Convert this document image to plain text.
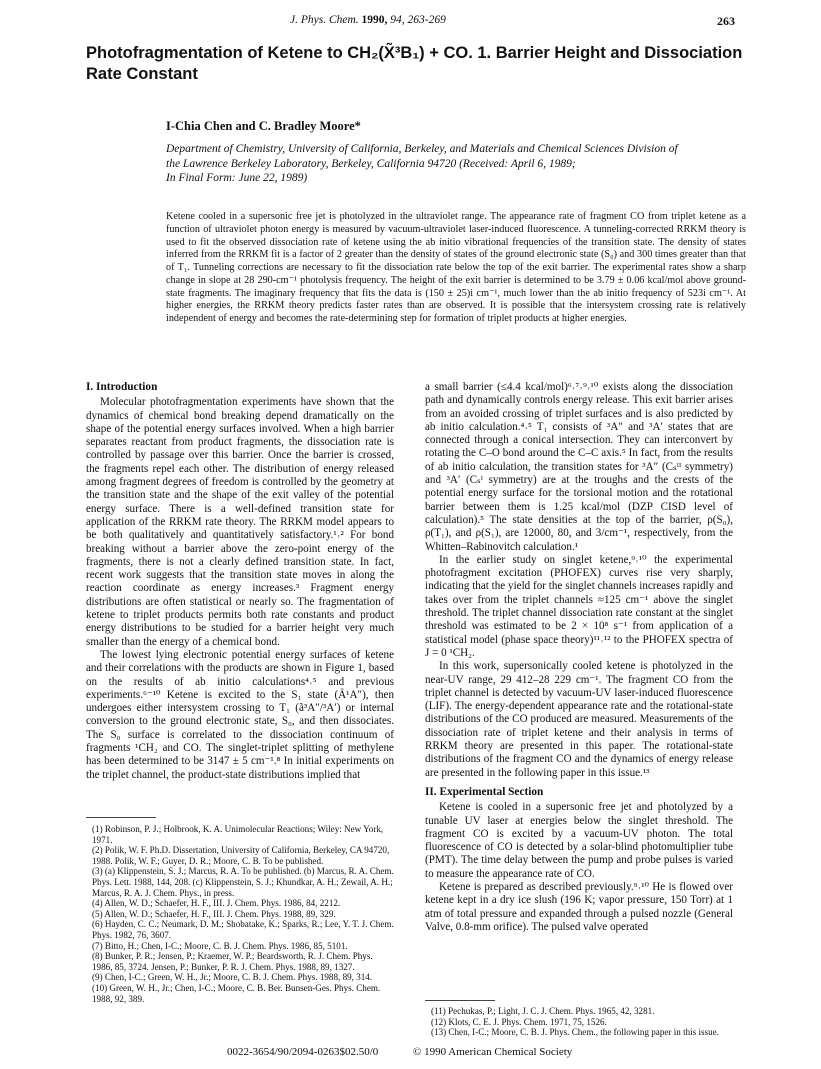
J. Phys. Chem. 1990, 94, 263-269	263
Photofragmentation of Ketene to CH₂(X̃³B₁) + CO. 1. Barrier Height and Dissociation
Rate Constant

I-Chia Chen and C. Bradley Moore*

Department of Chemistry, University of California, Berkeley, and Materials and Chemical Sciences Division of
the Lawrence Berkeley Laboratory, Berkeley, California 94720 (Received: April 6, 1989;
In Final Form: June 22, 1989)

Ketene cooled in a supersonic free jet is photolyzed in the ultraviolet range. The appearance rate of fragment CO from triplet ketene as a function of ultraviolet photon energy is measured by vacuum-ultraviolet laser-induced fluorescence. A tunneling-corrected RRKM theory is used to fit the observed dissociation rate of ketene using the ab initio vibrational frequencies of the transition state. The density of states inferred from the RRKM fit is a factor of 2 greater than the density of states of the ground electronic state (S₀) and 300 times greater than that of T₁. Tunneling corrections are necessary to fit the dissociation rate below the top of the exit barrier. The experimental rates show a sharp change in slope at 28 290-cm⁻¹ photolysis frequency. The height of the exit barrier is determined to be 3.79 ± 0.06 kcal/mol above ground-state fragments. The imaginary frequency that fits the data is (150 ± 25)i cm⁻¹, much lower than the ab initio frequency of 523i cm⁻¹. At higher energies, the RRKM theory predicts faster rates than are observed. It is possible that the intersystem crossing rate is relatively independent of energy and becomes the rate-determining step for formation of triplet products at higher energies.

I. Introduction

Molecular photofragmentation experiments have shown that the dynamics of chemical bond breaking depend dramatically on the shape of the potential energy surfaces involved. When a high barrier separates reactant from product fragments, the dissociation rate is controlled by passage over this barrier. Once the barrier is crossed, the fragments repel each other. The distribution of energy released among fragment degrees of freedom is controlled by the geometry at the transition state and the shape of the exit valley of the potential energy surface. There is a well-defined transition state for application of the RRKM rate theory. The RRKM model appears to be both qualitatively and quantitatively satisfactory.¹˒² For bond breaking without a barrier above the zero-point energy of the fragments, there is not a clearly defined transition state. In fact, recent work suggests that the transition state moves in along the reaction coordinate as energy increases.³ Fragment energy distributions are often statistical or nearly so. The fragmentation of ketene to triplet products permits both rate constants and product energy distributions to be studied for a barrier height very much smaller than the energy of a chemical bond.

The lowest lying electronic potential energy surfaces of ketene and their correlations with the products are shown in Figure 1, based on the results of ab initio calculations⁴˒⁵ and previous experiments.⁶⁻¹⁰ Ketene is excited to the S₁ state (Ã¹A″), then undergoes either intersystem crossing to T₁ (ã³A″/³A′) or internal conversion to the ground electronic state, S₀, and then dissociates. The S₀ surface is correlated to the dissociation continuum of fragments ¹CH₂ and CO. The singlet-triplet splitting of methylene has been determined to be 3147 ± 5 cm⁻¹.⁸ In initial experiments on the triplet channel, the product-state distributions implied that

(1) Robinson, P. J.; Holbrook, K. A. Unimolecular Reactions; Wiley: New York, 1971.

(2) Polik, W. F. Ph.D. Dissertation, University of California, Berkeley, CA 94720, 1988. Polik, W. F.; Guyer, D. R.; Moore, C. B. To be published.

(3) (a) Klippenstein, S. J.; Marcus, R. A. To be published. (b) Marcus, R. A. Chem. Phys. Lett. 1988, 144, 208. (c) Klippenstein, S. J.; Khundkar, A. H.; Zewail, A. H.; Marcus, R. A. J. Chem. Phys., in press.

(4) Allen, W. D.; Schaefer, H. F., III. J. Chem. Phys. 1986, 84, 2212.

(5) Allen, W. D.; Schaefer, H. F., III. J. Chem. Phys. 1988, 89, 329.

(6) Hayden, C. C.; Neumark, D. M.; Shobatake, K.; Sparks, R.; Lee, Y. T. J. Chem. Phys. 1982, 76, 3607.

(7) Bitto, H.; Chen, I-C.; Moore, C. B. J. Chem. Phys. 1986, 85, 5101.

(8) Bunker, P. R.; Jensen, P.; Kraemer, W. P.; Beardsworth, R. J. Chem. Phys. 1986, 85, 3724. Jensen, P.; Bunker, P. R. J. Chem. Phys. 1988, 89, 1327.

(9) Chen, I-C.; Green, W. H., Jr.; Moore, C. B. J. Chem. Phys. 1988, 89, 314.

(10) Green, W. H., Jr.; Chen, I-C.; Moore, C. B. Ber. Bunsen-Ges. Phys. Chem. 1988, 92, 389.

a small barrier (≤4.4 kcal/mol)⁶˒⁷˒⁹˒¹⁰ exists along the dissociation path and dynamically controls energy release. This exit barrier arises from an avoided crossing of triplet surfaces and is also predicted by ab initio calculation.⁴˒⁵ T₁ consists of ³A″ and ³A′ states that are connected through a conical intersection. They can interconvert by rotating the C–O bond around the C–C axis.⁵ In fact, from the results of ab initio calculation, the transition states for ³A″ (Cₛᴵᴵ symmetry) and ³A′ (Cₛᴵ symmetry) are at the troughs and the crests of the potential energy surface for the torsional motion and the rotational barrier between them is 1.25 kcal/mol (DZP CISD level of calculation).⁵ The state densities at the top of the barrier, ρ(S₀), ρ(T₁), and ρ(S₁), are 12000, 80, and 3/cm⁻¹, respectively, from the Whitten–Rabinovitch calculation.¹

In the earlier study on singlet ketene,⁹˒¹⁰ the experimental photofragment excitation (PHOFEX) curves rise very sharply, indicating that the yield for the singlet channels increases rapidly and takes over from the triplet channels ≈125 cm⁻¹ above the singlet threshold. The triplet channel dissociation rate constant at the singlet threshold was estimated to be 2 × 10⁸ s⁻¹ from application of a statistical model (phase space theory)¹¹˒¹² to the PHOFEX spectra of J = 0 ¹CH₂.

In this work, supersonically cooled ketene is photolyzed in the near-UV range, 29 412–28 229 cm⁻¹. The fragment CO from the triplet channel is detected by vacuum-UV laser-induced fluorescence (LIF). The energy-dependent appearance rate and the rotational-state distributions of the CO produced are measured. Measurements of the dissociation rate of triplet ketene and their analysis in terms of RRKM theory are presented in this paper. The rotational-state distributions of the fragment CO and the dynamics of energy release are presented in the following paper in this issue.¹³

II. Experimental Section

Ketene is cooled in a supersonic free jet and photolyzed by a tunable UV laser at energies below the singlet threshold. The fragment CO is excited by a vacuum-UV photon. The total fluorescence of CO is detected by a solar-blind photomultiplier tube (PMT). The time delay between the pump and probe pulses is varied to measure the appearance rate of CO.

Ketene is prepared as described previously.⁹˒¹⁰ He is flowed over ketene kept in a dry ice slush (196 K; vapor pressure, 150 Torr) at 1 atm of total pressure and expanded through a pulsed nozzle (General Valve, 0.8-mm orifice). The pulsed valve operated

(11) Pechukas, P.; Light, J. C. J. Chem. Phys. 1965, 42, 3281.

(12) Klots, C. E. J. Phys. Chem. 1971, 75, 1526.

(13) Chen, I-C.; Moore, C. B. J. Phys. Chem., the following paper in this issue.

0022-3654/90/2094-0263$02.50/0	© 1990 American Chemical Society
